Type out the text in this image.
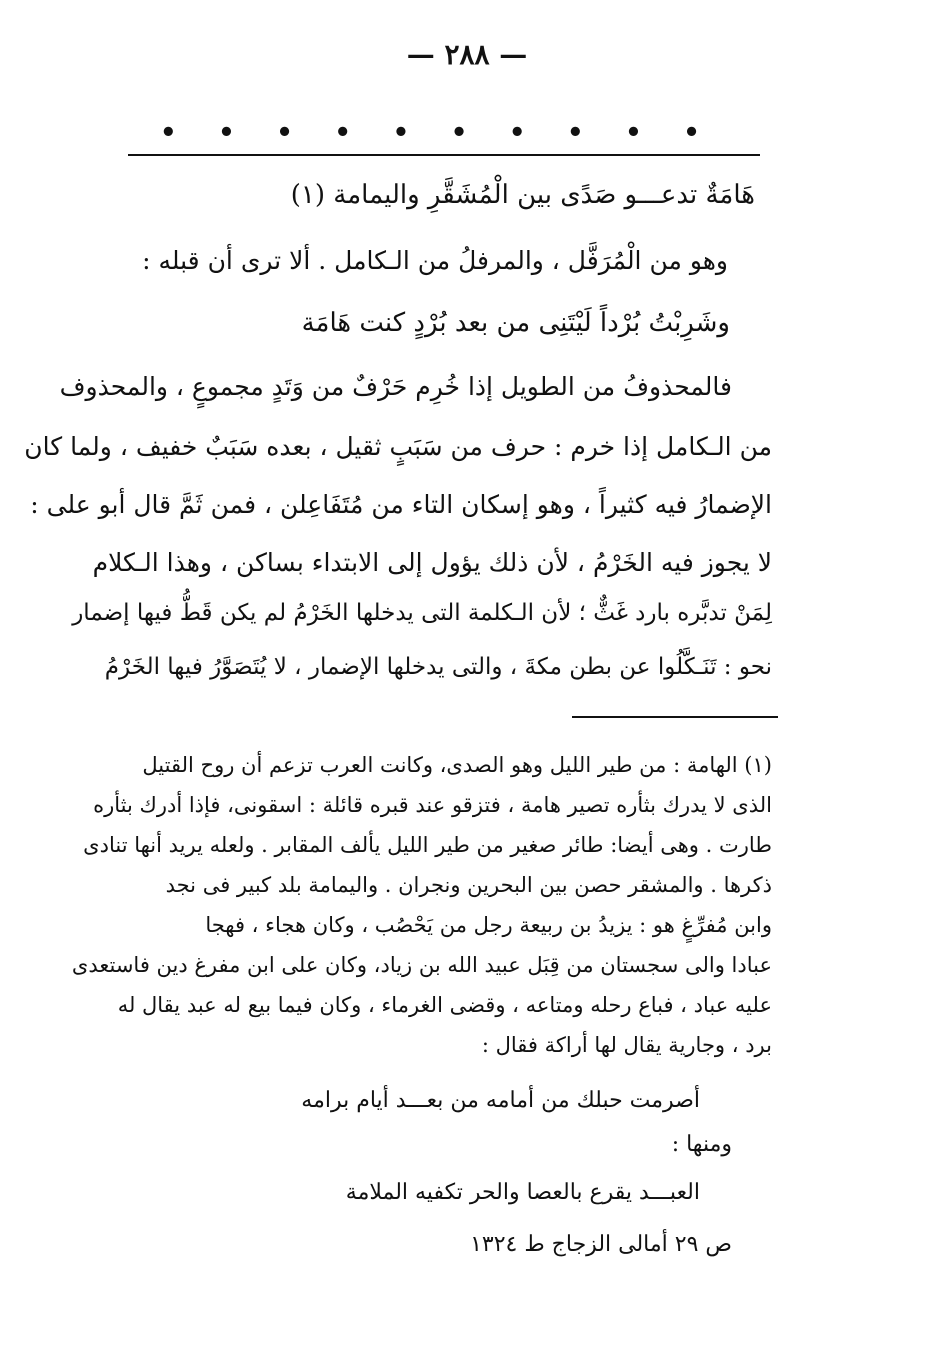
— ٢٨٨ —
• • • • • • • • • •
هَامَةٌ تدعـــو صَدًى بين الْمُشَقَّرِ واليمامة (١)
وهو من الْمُرَفَّل ، والمرفلُ من الـكامل . ألا ترى أن قبله :
وشَرِبْتُ بُرْداً لَيْتَنِى من بعد بُرْدٍ كنت هَامَة
فالمحذوفُ من الطويل إذا خُرِم حَرْفٌ من وَتَدٍ مجموعٍ ، والمحذوف
من الـكامل إذا خرم : حرف من سَبَبٍ ثقيل ، بعده سَبَبٌ خفيف ، ولما كان
الإضمارُ فيه كثيراً ، وهو إسكان التاء من مُتَفَاعِلن ، فمن ثَمَّ قال أبو على :
لا يجوز فيه الخَرْمُ ، لأن ذلك يؤول إلى الابتداء بساكن ، وهذا الـكلام
لِمَنْ تدبَّره بارد غَثٌّ ؛ لأن الـكلمة التى يدخلها الخَرْمُ لم يكن قَطُّ فيها إضمار
نحو : تَنَـكَّلُوا عن بطن مكةَ ، والتى يدخلها الإضمار ، لا يُتَصَوَّرُ فيها الخَرْمُ
(١) الهامة : من طير الليل وهو الصدى، وكانت العرب تزعم أن روح القتيل
الذى لا يدرك بثأره تصير هامة ، فتزقو عند قبره قائلة : اسقونى، فإذا أدرك بثأره
طارت . وهى أيضا: طائر صغير من طير الليل يألف المقابر . ولعله يريد أنها تنادى
ذكرها . والمشقر حصن بين البحرين ونجران . واليمامة بلد كبير فى نجد
وابن مُفرِّغٍ هو : يزيدُ بن ربيعة رجل من يَحْصُب ، وكان هجاء ، فهجا
عبادا والى سجستان من قِبَل عبيد الله بن زياد، وكان على ابن مفرغ دين فاستعدى
عليه عباد ، فباع رحله ومتاعه ، وقضى الغرماء ، وكان فيما بيع له عبد يقال له
برد ، وجارية يقال لها أراكة فقال :
أصرمت حبلك من أمامه من بعـــد أيام برامه
ومنها :
العبـــد يقرع بالعصا والحر تكفيه الملامة
ص ٢٩ أمالى الزجاج ط ١٣٢٤
